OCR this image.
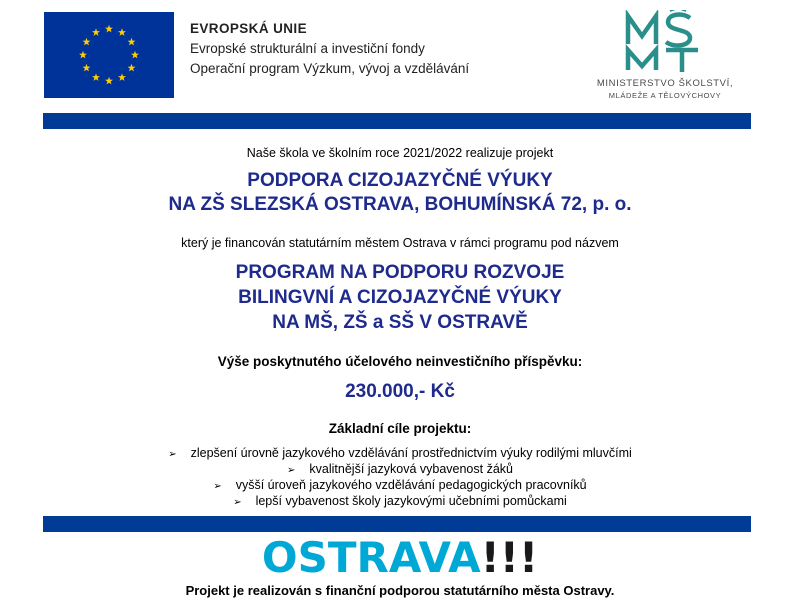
EVROPSKÁ UNIE
Evropské strukturální a investiční fondy
Operační program Výzkum, vývoj a vzdělávání
MINISTERSTVO ŠKOLSTVÍ,
MLÁDEŽE A TĚLOVÝCHOVY
Naše škola ve školním roce 2021/2022 realizuje projekt
PODPORA CIZOJAZYČNÉ VÝUKY
NA ZŠ SLEZSKÁ OSTRAVA, BOHUMÍNSKÁ 72, p. o.
který je financován statutárním městem Ostrava v rámci programu pod názvem
PROGRAM NA PODPORU ROZVOJE
BILINGVNÍ A CIZOJAZYČNÉ VÝUKY
NA MŠ, ZŠ a SŠ V OSTRAVĚ
Výše poskytnutého účelového neinvestičního příspěvku:
230.000,- Kč
Základní cíle projektu:
➢ zlepšení úrovně jazykového vzdělávání prostřednictvím výuky rodilými mluvčími
➢ kvalitnější jazyková vybavenost žáků
➢ vyšší úroveň jazykového vzdělávání pedagogických pracovníků
➢ lepší vybavenost školy jazykovými učebními pomůckami
OSTRAVA!!!
Projekt je realizován s finanční podporou statutárního města Ostravy.
